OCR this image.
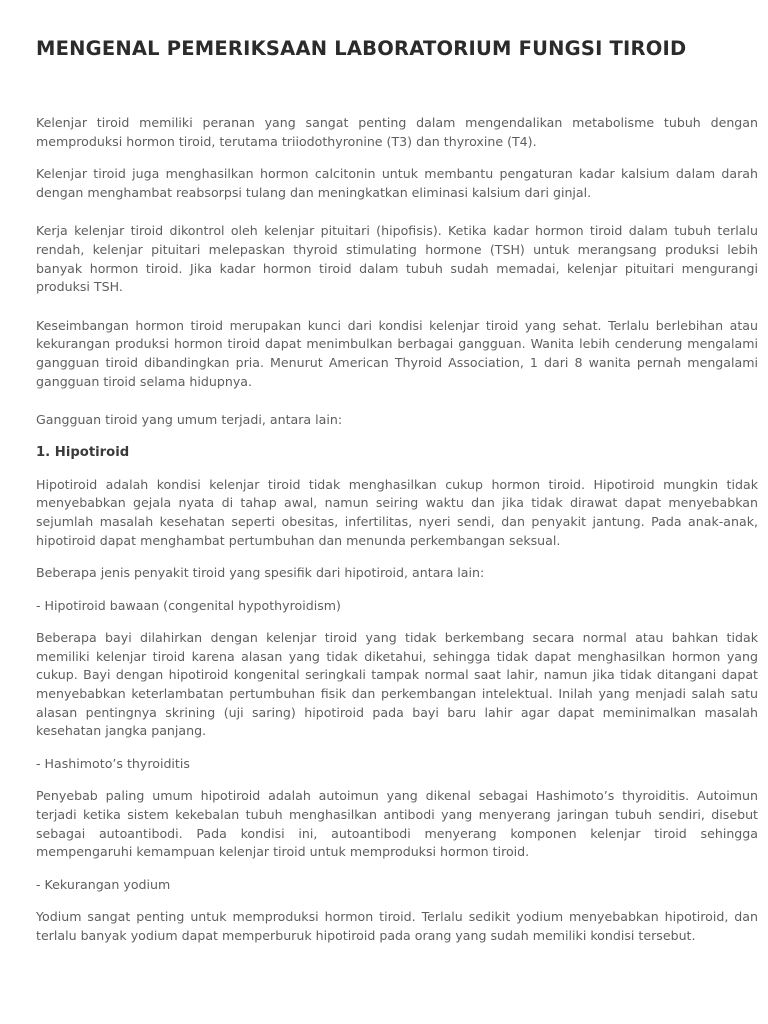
MENGENAL PEMERIKSAAN LABORATORIUM FUNGSI TIROID

Kelenjar tiroid memiliki peranan yang sangat penting dalam mengendalikan metabolisme tubuh dengan memproduksi hormon tiroid, terutama triiodothyronine (T3) dan thyroxine (T4).

Kelenjar tiroid juga menghasilkan hormon calcitonin untuk membantu pengaturan kadar kalsium dalam darah dengan menghambat reabsorpsi tulang dan meningkatkan eliminasi kalsium dari ginjal.

Kerja kelenjar tiroid dikontrol oleh kelenjar pituitari (hipofisis). Ketika kadar hormon tiroid dalam tubuh terlalu rendah, kelenjar pituitari melepaskan thyroid stimulating hormone (TSH) untuk merangsang produksi lebih banyak hormon tiroid. Jika kadar hormon tiroid dalam tubuh sudah memadai, kelenjar pituitari mengurangi produksi TSH.

Keseimbangan hormon tiroid merupakan kunci dari kondisi kelenjar tiroid yang sehat. Terlalu berlebihan atau kekurangan produksi hormon tiroid dapat menimbulkan berbagai gangguan. Wanita lebih cenderung mengalami gangguan tiroid dibandingkan pria. Menurut American Thyroid Association, 1 dari 8 wanita pernah mengalami gangguan tiroid selama hidupnya.

Gangguan tiroid yang umum terjadi, antara lain:

1. Hipotiroid

Hipotiroid adalah kondisi kelenjar tiroid tidak menghasilkan cukup hormon tiroid. Hipotiroid mungkin tidak menyebabkan gejala nyata di tahap awal, namun seiring waktu dan jika tidak dirawat dapat menyebabkan sejumlah masalah kesehatan seperti obesitas, infertilitas, nyeri sendi, dan penyakit jantung. Pada anak-anak, hipotiroid dapat menghambat pertumbuhan dan menunda perkembangan seksual.

Beberapa jenis penyakit tiroid yang spesifik dari hipotiroid, antara lain:

- Hipotiroid bawaan (congenital hypothyroidism)

Beberapa bayi dilahirkan dengan kelenjar tiroid yang tidak berkembang secara normal atau bahkan tidak memiliki kelenjar tiroid karena alasan yang tidak diketahui, sehingga tidak dapat menghasilkan hormon yang cukup. Bayi dengan hipotiroid kongenital seringkali tampak normal saat lahir, namun jika tidak ditangani dapat menyebabkan keterlambatan pertumbuhan fisik dan perkembangan intelektual. Inilah yang menjadi salah satu alasan pentingnya skrining (uji saring) hipotiroid pada bayi baru lahir agar dapat meminimalkan masalah kesehatan jangka panjang.

- Hashimoto’s thyroiditis

Penyebab paling umum hipotiroid adalah autoimun yang dikenal sebagai Hashimoto’s thyroiditis. Autoimun terjadi ketika sistem kekebalan tubuh menghasilkan antibodi yang menyerang jaringan tubuh sendiri, disebut sebagai autoantibodi. Pada kondisi ini, autoantibodi menyerang komponen kelenjar tiroid sehingga mempengaruhi kemampuan kelenjar tiroid untuk memproduksi hormon tiroid.

- Kekurangan yodium

Yodium sangat penting untuk memproduksi hormon tiroid. Terlalu sedikit yodium menyebabkan hipotiroid, dan terlalu banyak yodium dapat memperburuk hipotiroid pada orang yang sudah memiliki kondisi tersebut.
